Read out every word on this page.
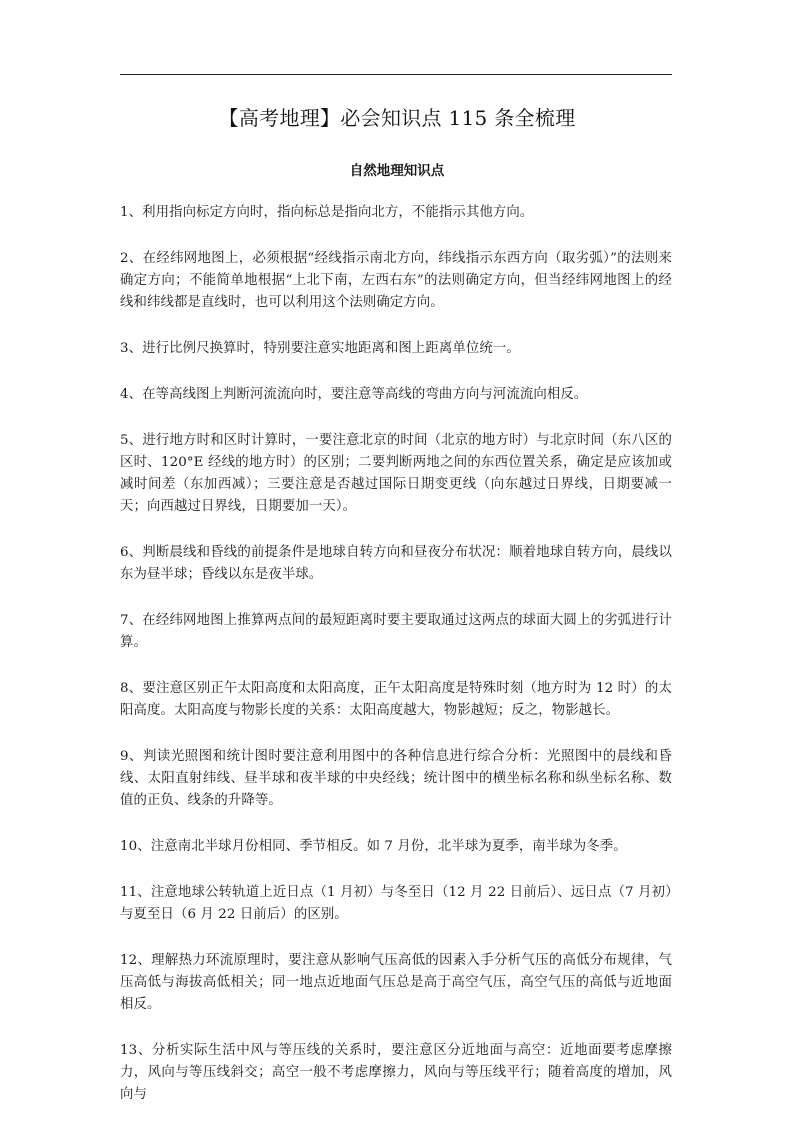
【高考地理】必会知识点 115 条全梳理
自然地理知识点

1、利用指向标定方向时，指向标总是指向北方，不能指示其他方向。

2、在经纬网地图上，必须根据“经线指示南北方向，纬线指示东西方向（取劣弧）”的法则来确定方向；不能简单地根据“上北下南，左西右东”的法则确定方向，但当经纬网地图上的经线和纬线都是直线时，也可以利用这个法则确定方向。

3、进行比例尺换算时，特别要注意实地距离和图上距离单位统一。

4、在等高线图上判断河流流向时，要注意等高线的弯曲方向与河流流向相反。

5、进行地方时和区时计算时，一要注意北京的时间（北京的地方时）与北京时间（东八区的区时、120°E 经线的地方时）的区别；二要判断两地之间的东西位置关系，确定是应该加或减时间差（东加西减）；三要注意是否越过国际日期变更线（向东越过日界线，日期要减一天；向西越过日界线，日期要加一天）。

6、判断晨线和昏线的前提条件是地球自转方向和昼夜分布状况：顺着地球自转方向，晨线以东为昼半球；昏线以东是夜半球。

7、在经纬网地图上推算两点间的最短距离时要主要取通过这两点的球面大圆上的劣弧进行计算。

8、要注意区别正午太阳高度和太阳高度，正午太阳高度是特殊时刻（地方时为 12 时）的太阳高度。太阳高度与物影长度的关系：太阳高度越大，物影越短；反之，物影越长。

9、判读光照图和统计图时要注意利用图中的各种信息进行综合分析：光照图中的晨线和昏线、太阳直射纬线、昼半球和夜半球的中央经线；统计图中的横坐标名称和纵坐标名称、数值的正负、线条的升降等。

10、注意南北半球月份相同、季节相反。如 7 月份，北半球为夏季，南半球为冬季。

11、注意地球公转轨道上近日点（1 月初）与冬至日（12 月 22 日前后）、远日点（7 月初）与夏至日（6 月 22 日前后）的区别。

12、理解热力环流原理时，要注意从影响气压高低的因素入手分析气压的高低分布规律，气压高低与海拔高低相关；同一地点近地面气压总是高于高空气压，高空气压的高低与近地面相反。

13、分析实际生活中风与等压线的关系时，要注意区分近地面与高空：近地面要考虑摩擦力，风向与等压线斜交；高空一般不考虑摩擦力，风向与等压线平行；随着高度的增加，风向与
